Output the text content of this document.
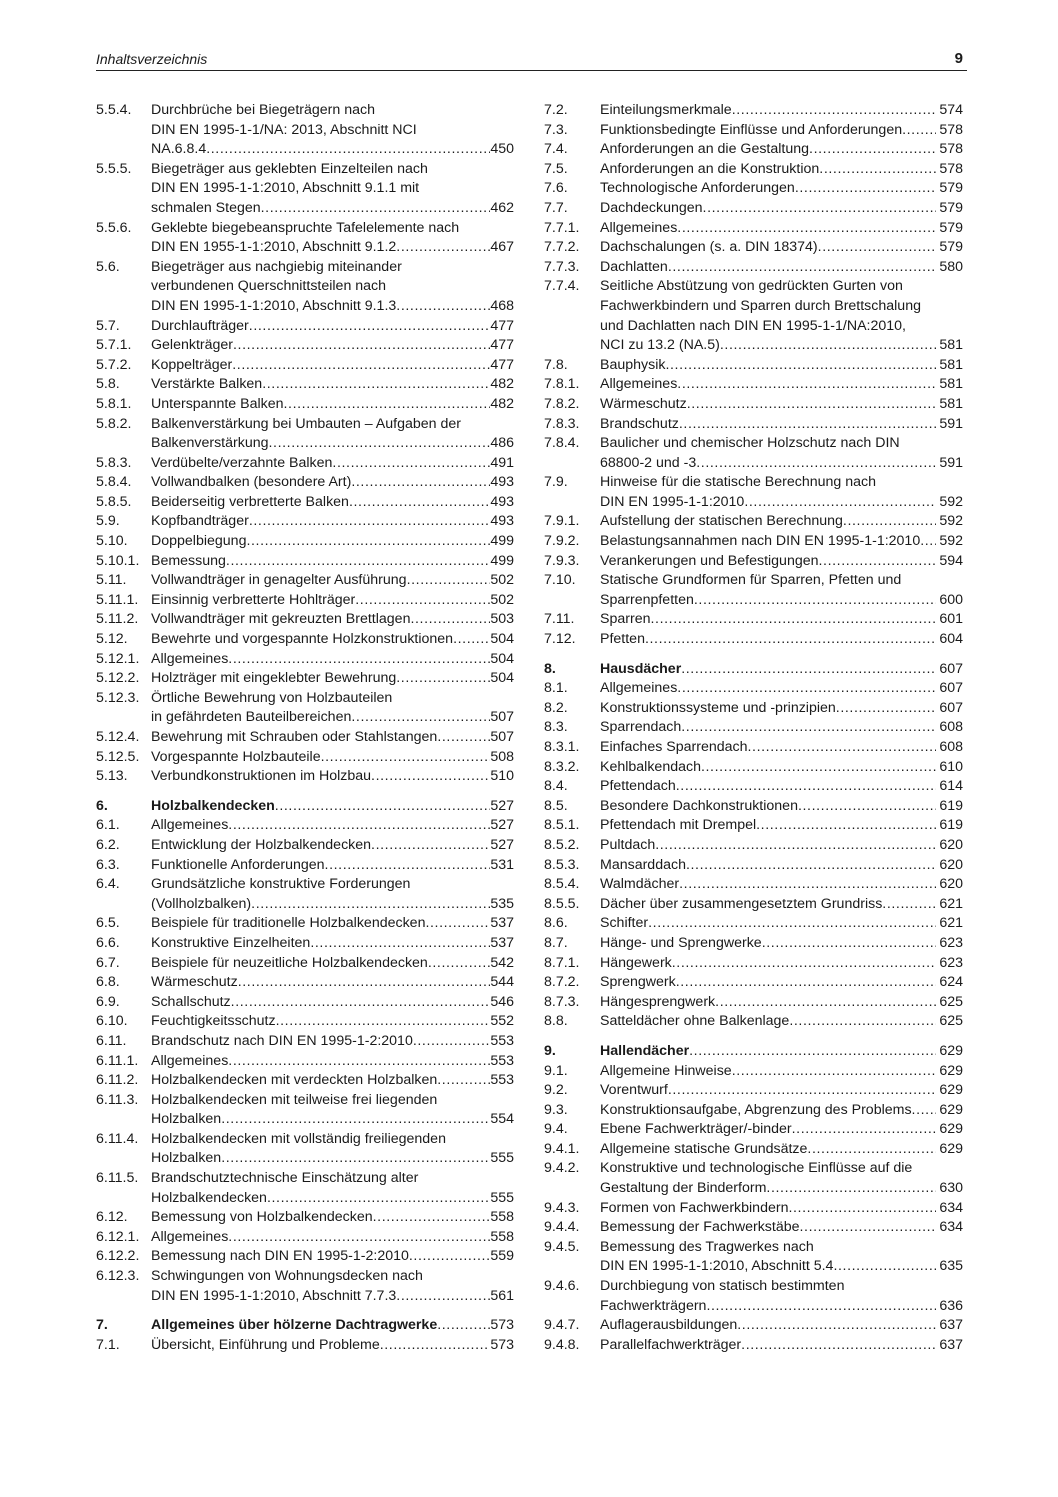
Inhaltsverzeichnis	9
5.5.4.	Durchbrüche bei Biegeträgern nach
DIN EN 1995-1-1/NA: 2013, Abschnitt NCI
NA.6.8.4 .....	450
5.5.5.	Biegeträger aus geklebten Einzelteilen nach
DIN EN 1995-1-1:2010, Abschnitt 9.1.1 mit
schmalen Stegen .....	462
5.5.6.	Geklebte biegebeanspruchte Tafelelemente nach
DIN EN 1955-1-1:2010, Abschnitt 9.1.2 .....	467
5.6.	Biegeträger aus nachgiebig miteinander
verbundenen Querschnittsteilen nach
DIN EN 1995-1-1:2010, Abschnitt 9.1.3 .....	468
5.7.	Durchlaufträger .....	477
5.7.1.	Gelenkträger .....	477
5.7.2.	Koppelträger .....	477
5.8.	Verstärkte Balken .....	482
5.8.1.	Unterspannte Balken .....	482
5.8.2.	Balkenverstärkung bei Umbauten – Aufgaben der
Balkenverstärkung .....	486
5.8.3.	Verdübelte/verzahnte Balken .....	491
5.8.4.	Vollwandbalken (besondere Art) .....	493
5.8.5.	Beiderseitig verbretterte Balken .....	493
5.9.	Kopfbandträger .....	493
5.10.	Doppelbiegung .....	499
5.10.1. Bemessung .....	499
5.11.	Vollwandträger in genagelter Ausführung .....	502
5.11.1. Einsinnig verbretterte Hohlträger .....	502
5.11.2. Vollwandträger mit gekreuzten Brettlagen .....	503
5.12.	Bewehrte und vorgespannte Holzkonstruktionen .....	504
5.12.1. Allgemeines .....	504
5.12.2. Holzträger mit eingeklebter Bewehrung .....	504
5.12.3. Örtliche Bewehrung von Holzbauteilen
in gefährdeten Bauteilbereichen .....	507
5.12.4. Bewehrung mit Schrauben oder Stahlstangen .....	507
5.12.5. Vorgespannte Holzbauteile .....	508
5.13.	Verbundkonstruktionen im Holzbau .....	510
6.	Holzbalkendecken .....	527
6.1.	Allgemeines .....	527
6.2.	Entwicklung der Holzbalkendecken .....	527
6.3.	Funktionelle Anforderungen .....	531
6.4.	Grundsätzliche konstruktive Forderungen
(Vollholzbalken) .....	535
6.5.	Beispiele für traditionelle Holzbalkendecken .....	537
6.6.	Konstruktive Einzelheiten .....	537
6.7.	Beispiele für neuzeitliche Holzbalkendecken .....	542
6.8.	Wärmeschutz .....	544
6.9.	Schallschutz .....	546
6.10.	Feuchtigkeitsschutz .....	552
6.11.	Brandschutz nach DIN EN 1995-1-2:2010 .....	553
6.11.1. Allgemeines .....	553
6.11.2. Holzbalkendecken mit verdeckten Holzbalken .....	553
6.11.3. Holzbalkendecken mit teilweise frei liegenden
Holzbalken .....	554
6.11.4. Holzbalkendecken mit vollständig freiliegenden
Holzbalken .....	555
6.11.5. Brandschutztechnische Einschätzung alter
Holzbalkendecken .....	555
6.12.	Bemessung von Holzbalkendecken .....	558
6.12.1. Allgemeines .....	558
6.12.2. Bemessung nach DIN EN 1995-1-2:2010 .....	559
6.12.3. Schwingungen von Wohnungsdecken nach
DIN EN 1995-1-1:2010, Abschnitt 7.7.3 .....	561
7.	Allgemeines über hölzerne Dachtragwerke .....	573
7.1.	Übersicht, Einführung und Probleme .....	573
7.2.	Einteilungsmerkmale .....	574
7.3.	Funktionsbedingte Einflüsse und Anforderungen .....	578
7.4.	Anforderungen an die Gestaltung .....	578
7.5.	Anforderungen an die Konstruktion .....	578
7.6.	Technologische Anforderungen .....	579
7.7.	Dachdeckungen .....	579
7.7.1.	Allgemeines .....	579
7.7.2.	Dachschalungen (s. a. DIN 18374) .....	579
7.7.3.	Dachlatten .....	580
7.7.4.	Seitliche Abstützung von gedrückten Gurten von
Fachwerkbindern und Sparren durch Brettschalung
und Dachlatten nach DIN EN 1995-1-1/NA:2010,
NCI zu 13.2 (NA.5) .....	581
7.8.	Bauphysik .....	581
7.8.1.	Allgemeines .....	581
7.8.2.	Wärmeschutz .....	581
7.8.3.	Brandschutz .....	591
7.8.4.	Baulicher und chemischer Holzschutz nach DIN
68800-2 und -3 .....	591
7.9.	Hinweise für die statische Berechnung nach
DIN EN 1995-1-1:2010 .....	592
7.9.1.	Aufstellung der statischen Berechnung .....	592
7.9.2.	Belastungsannahmen nach DIN EN 1995-1-1:2010 ..... 592
7.9.3.	Verankerungen und Befestigungen .....	594
7.10.	Statische Grundformen für Sparren, Pfetten und
Sparrenpfetten .....	600
7.11.	Sparren .....	601
7.12.	Pfetten .....	604
8.	Hausdächer .....	607
8.1.	Allgemeines .....	607
8.2.	Konstruktionssysteme und -prinzipien .....	607
8.3.	Sparrendach .....	608
8.3.1.	Einfaches Sparrendach .....	608
8.3.2.	Kehlbalkendach .....	610
8.4.	Pfettendach .....	614
8.5.	Besondere Dachkonstruktionen .....	619
8.5.1.	Pfettendach mit Drempel .....	619
8.5.2.	Pultdach .....	620
8.5.3.	Mansarddach .....	620
8.5.4.	Walmdächer .....	620
8.5.5.	Dächer über zusammengesetztem Grundriss .....	621
8.6.	Schifter .....	621
8.7.	Hänge- und Sprengwerke .....	623
8.7.1.	Hängewerk .....	623
8.7.2.	Sprengwerk .....	624
8.7.3.	Hängesprengwerk .....	625
8.8.	Satteldächer ohne Balkenlage .....	625
9.	Hallendächer .....	629
9.1.	Allgemeine Hinweise .....	629
9.2.	Vorentwurf .....	629
9.3.	Konstruktionsaufgabe, Abgrenzung des Problems ..... 629
9.4.	Ebene Fachwerkträger/-binder .....	629
9.4.1.	Allgemeine statische Grundsätze .....	629
9.4.2.	Konstruktive und technologische Einflüsse auf die
Gestaltung der Binderform .....	630
9.4.3.	Formen von Fachwerkbindern .....	634
9.4.4.	Bemessung der Fachwerkstäbe .....	634
9.4.5.	Bemessung des Tragwerkes nach
DIN EN 1995-1-1:2010, Abschnitt 5.4 .....	635
9.4.6.	Durchbiegung von statisch bestimmten
Fachwerkträgern .....	636
9.4.7.	Auflagerausbildungen .....	637
9.4.8.	Parallelfachwerkträger .....	637
